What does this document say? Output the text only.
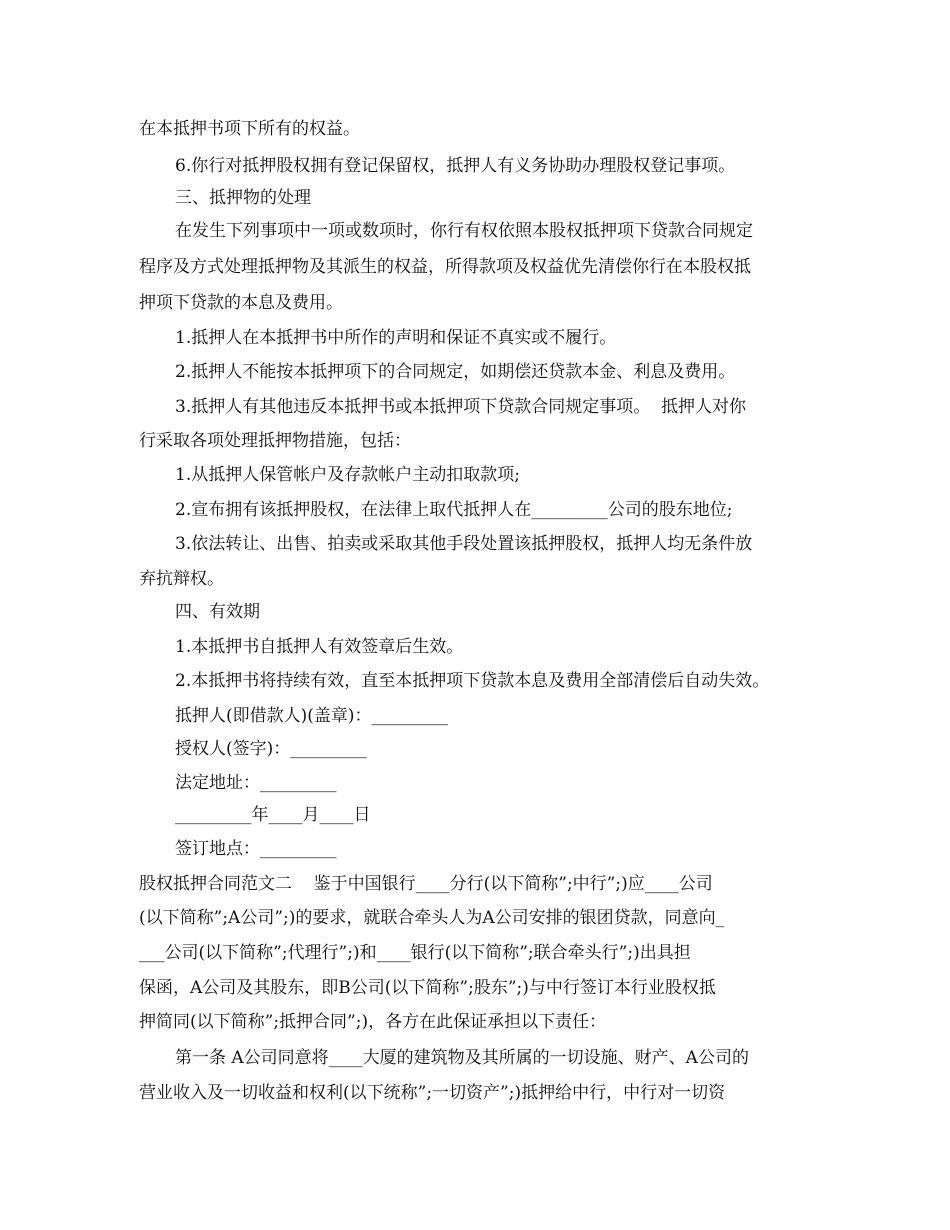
在本抵押书项下所有的权益。
6.你行对抵押股权拥有登记保留权，抵押人有义务协助办理股权登记事项。
三、抵押物的处理
在发生下列事项中一项或数项时，你行有权依照本股权抵押项下贷款合同规定
程序及方式处理抵押物及其派生的权益，所得款项及权益优先清偿你行在本股权抵
押项下贷款的本息及费用。
1.抵押人在本抵押书中所作的声明和保证不真实或不履行。
2.抵押人不能按本抵押项下的合同规定，如期偿还贷款本金、利息及费用。
3.抵押人有其他违反本抵押书或本抵押项下贷款合同规定事项。  抵押人对你
行采取各项处理抵押物措施，包括：
1.从抵押人保管帐户及存款帐户主动扣取款项;
2.宣布拥有该抵押股权，在法律上取代抵押人在_________公司的股东地位;
3.依法转让、出售、拍卖或采取其他手段处置该抵押股权，抵押人均无条件放
弃抗辩权。
四、有效期
1.本抵押书自抵押人有效签章后生效。
2.本抵押书将持续有效，直至本抵押项下贷款本息及费用全部清偿后自动失效。
抵押人(即借款人)(盖章)：_________
授权人(签字)：_________
法定地址：_________
_________年____月____日
签订地点：_________
股权抵押合同范文二    鉴于中国银行____分行(以下简称”;中行”;)应____公司
(以下简称”;A公司”;)的要求，就联合牵头人为A公司安排的银团贷款，同意向_
___公司(以下简称”;代理行”;)和____银行(以下简称”;联合牵头行”;)出具担
保函，A公司及其股东，即B公司(以下简称”;股东”;)与中行签订本行业股权抵
押简同(以下简称”;抵押合同”;)，各方在此保证承担以下责任：
第一条 A公司同意将____大厦的建筑物及其所属的一切设施、财产、A公司的
营业收入及一切收益和权利(以下统称”;一切资产”;)抵押给中行，中行对一切资
